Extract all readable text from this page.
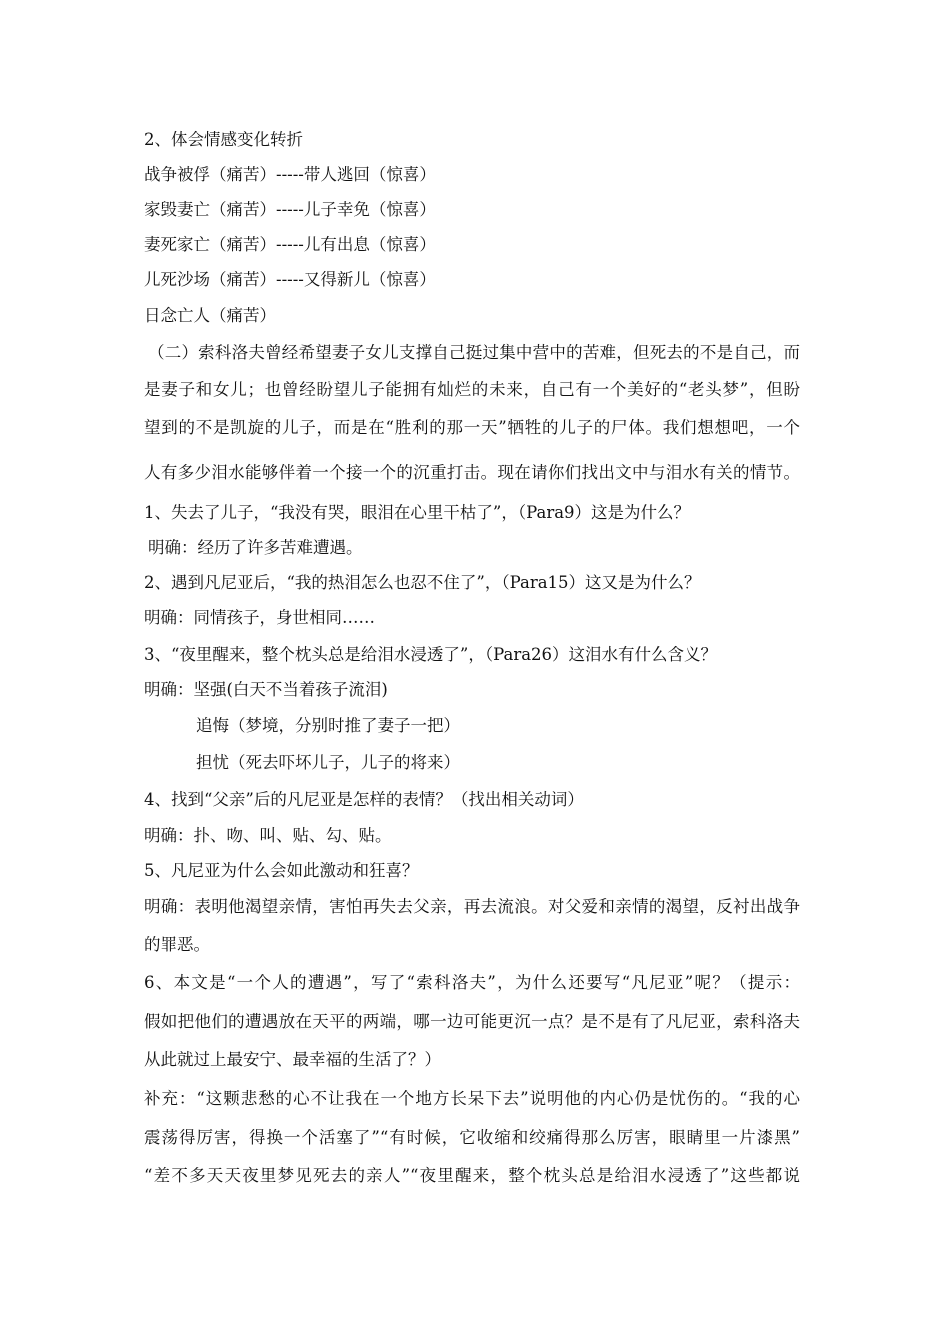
2、体会情感变化转折
战争被俘（痛苦）-----带人逃回（惊喜）
家毁妻亡（痛苦）-----儿子幸免（惊喜）
妻死家亡（痛苦）-----儿有出息（惊喜）
儿死沙场（痛苦）-----又得新儿（惊喜）
日念亡人（痛苦）
（二）索科洛夫曾经希望妻子女儿支撑自己挺过集中营中的苦难，但死去的不是自己，而
是妻子和女儿；也曾经盼望儿子能拥有灿烂的未来，自己有一个美好的“老头梦”，但盼
望到的不是凯旋的儿子，而是在“胜利的那一天”牺牲的儿子的尸体。我们想想吧，一个
人有多少泪水能够伴着一个接一个的沉重打击。现在请你们找出文中与泪水有关的情节。
1、失去了儿子，“我没有哭，眼泪在心里干枯了”，（Para9）这是为什么？
明确：经历了许多苦难遭遇。
2、遇到凡尼亚后，“我的热泪怎么也忍不住了”，（Para15）这又是为什么？
明确：同情孩子，身世相同……
3、“夜里醒来，整个枕头总是给泪水浸透了”，（Para26）这泪水有什么含义？
明确：坚强(白天不当着孩子流泪)
追悔（梦境，分别时推了妻子一把）
担忧（死去吓坏儿子，儿子的将来）
4、找到“父亲”后的凡尼亚是怎样的表情？（找出相关动词）
明确：扑、吻、叫、贴、勾、贴。
5、凡尼亚为什么会如此激动和狂喜？
明确：表明他渴望亲情，害怕再失去父亲，再去流浪。对父爱和亲情的渴望，反衬出战争
的罪恶。
6、本文是“一个人的遭遇”，写了“索科洛夫”，为什么还要写“凡尼亚”呢？（提示：
假如把他们的遭遇放在天平的两端，哪一边可能更沉一点？是不是有了凡尼亚，索科洛夫
从此就过上最安宁、最幸福的生活了？）
补充：“这颗悲愁的心不让我在一个地方长呆下去”说明他的内心仍是忧伤的。“我的心
震荡得厉害，得换一个活塞了”“有时候，它收缩和绞痛得那么厉害，眼睛里一片漆黑”
“差不多天天夜里梦见死去的亲人”“夜里醒来，整个枕头总是给泪水浸透了”这些都说
